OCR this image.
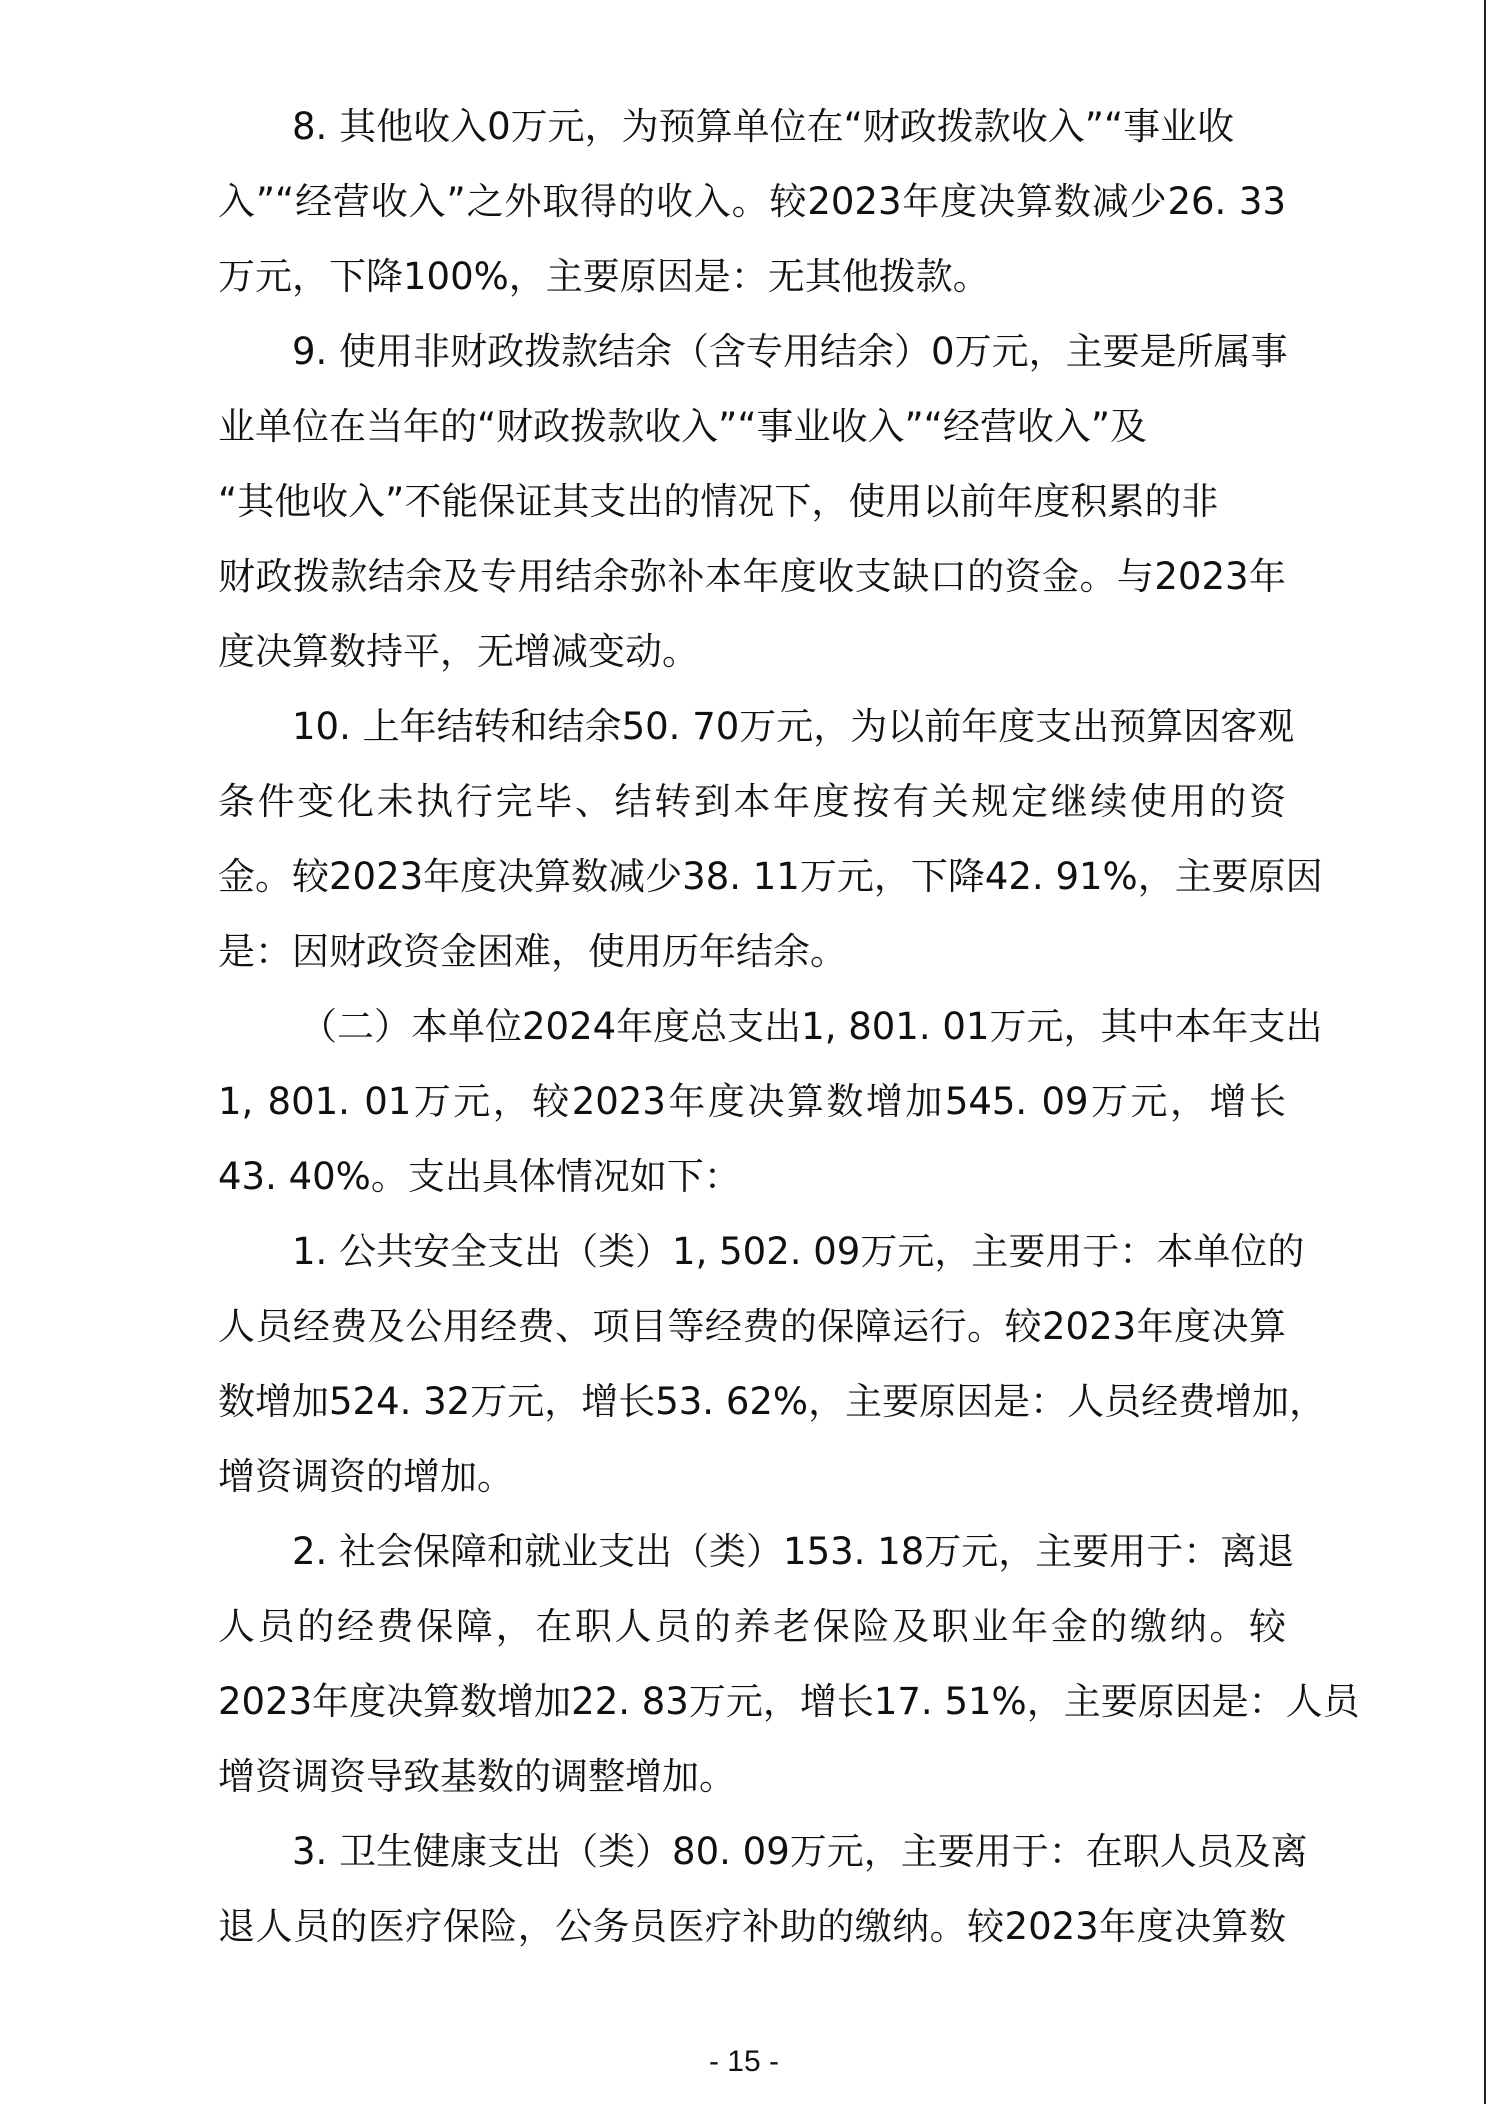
8. 其他收入0万元，为预算单位在“财政拨款收入”“事业收
入”“经营收入”之外取得的收入。较2023年度决算数减少26. 33
万元，下降100%，主要原因是：无其他拨款。
9. 使用非财政拨款结余（含专用结余）0万元，主要是所属事
业单位在当年的“财政拨款收入”“事业收入”“经营收入”及
“其他收入”不能保证其支出的情况下，使用以前年度积累的非
财政拨款结余及专用结余弥补本年度收支缺口的资金。与2023年
度决算数持平，无增减变动。
10. 上年结转和结余50. 70万元，为以前年度支出预算因客观
条件变化未执行完毕、结转到本年度按有关规定继续使用的资
金。较2023年度决算数减少38. 11万元，下降42. 91%，主要原因
是：因财政资金困难，使用历年结余。
（二）本单位2024年度总支出1, 801. 01万元，其中本年支出
1, 801. 01万元，较2023年度决算数增加545. 09万元，增长
43. 40%。支出具体情况如下：
1. 公共安全支出（类）1, 502. 09万元，主要用于：本单位的
人员经费及公用经费、项目等经费的保障运行。较2023年度决算
数增加524. 32万元，增长53. 62%，主要原因是：人员经费增加，
增资调资的增加。
2. 社会保障和就业支出（类）153. 18万元，主要用于：离退
人员的经费保障，在职人员的养老保险及职业年金的缴纳。较
2023年度决算数增加22. 83万元，增长17. 51%，主要原因是：人员
增资调资导致基数的调整增加。
3. 卫生健康支出（类）80. 09万元，主要用于：在职人员及离
退人员的医疗保险，公务员医疗补助的缴纳。较2023年度决算数
- 15 -
